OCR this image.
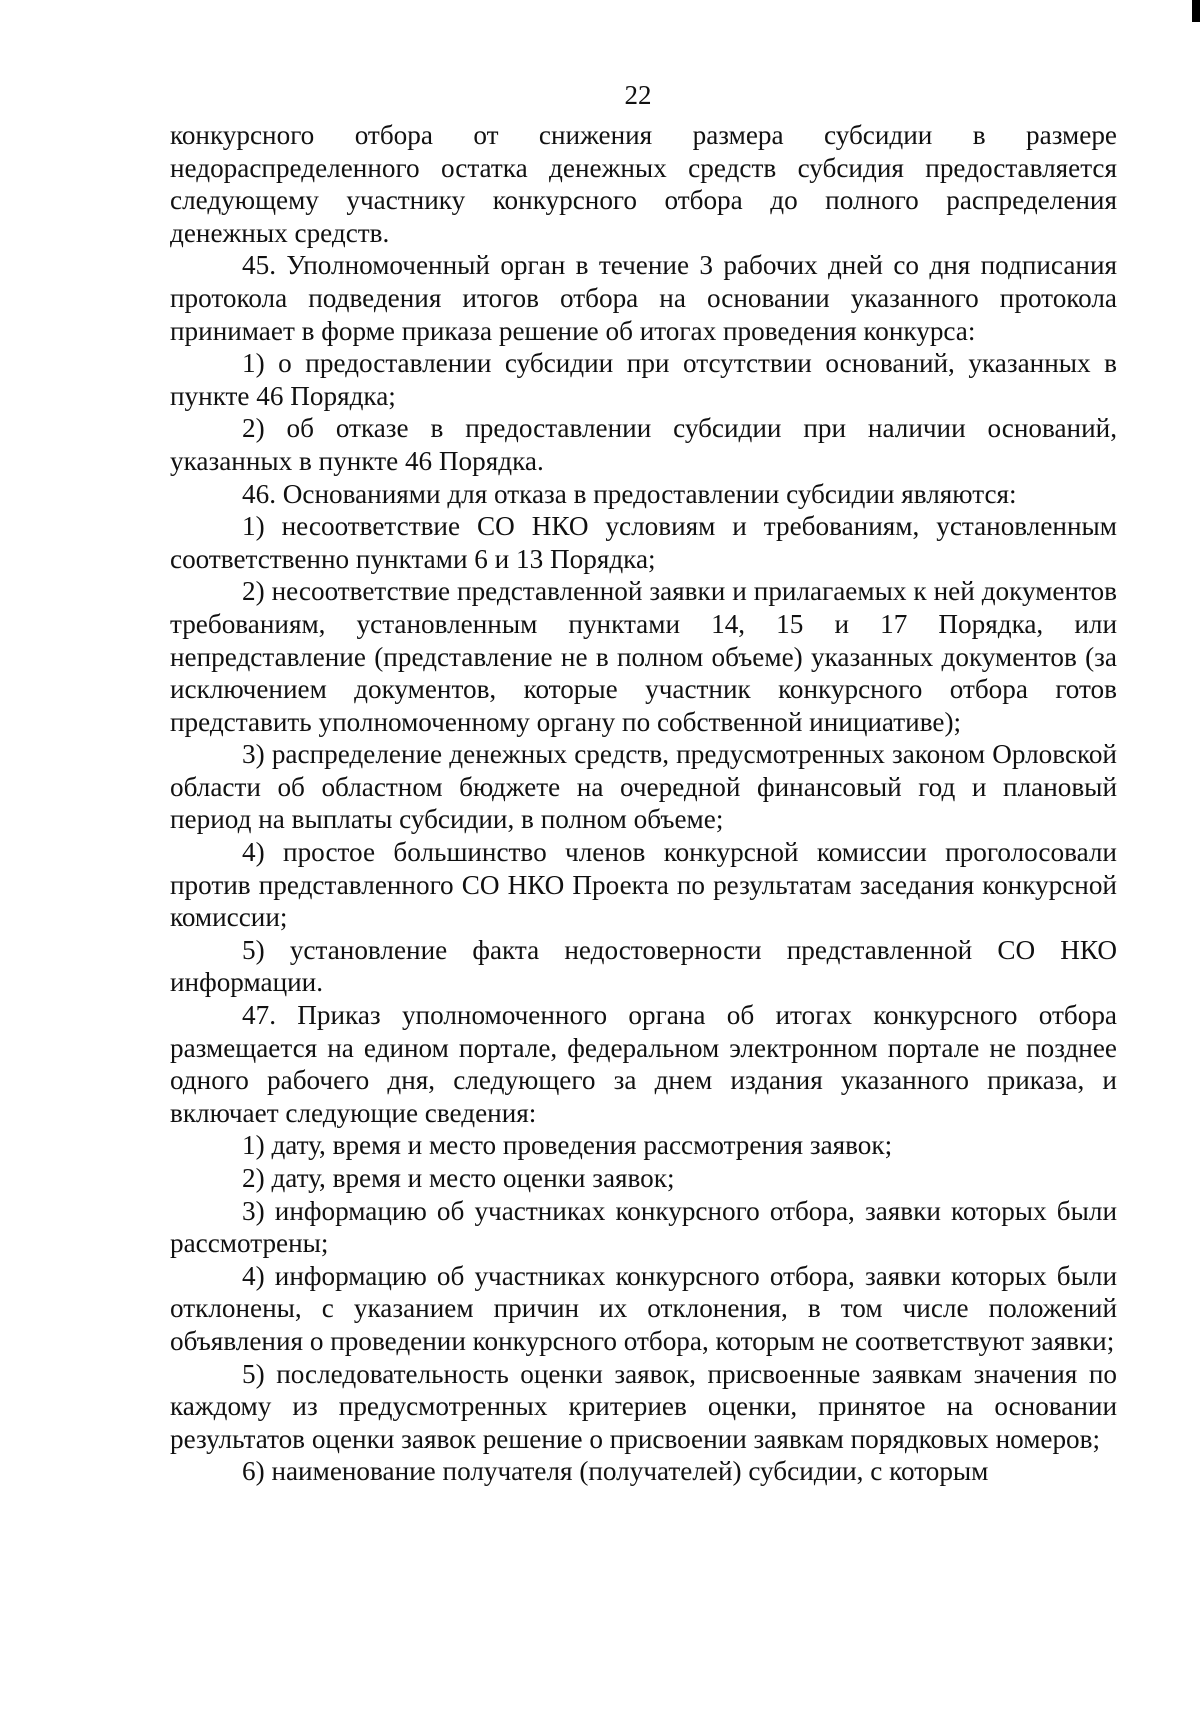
22

конкурсного отбора от снижения размера субсидии в размере недораспределенного остатка денежных средств субсидия предоставляется следующему участнику конкурсного отбора до полного распределения денежных средств.

45. Уполномоченный орган в течение 3 рабочих дней со дня подписания протокола подведения итогов отбора на основании указанного протокола принимает в форме приказа решение об итогах проведения конкурса:

1) о предоставлении субсидии при отсутствии оснований, указанных в пункте 46 Порядка;

2) об отказе в предоставлении субсидии при наличии оснований, указанных в пункте 46 Порядка.

46. Основаниями для отказа в предоставлении субсидии являются:

1) несоответствие СО НКО условиям и требованиям, установленным соответственно пунктами 6 и 13 Порядка;

2) несоответствие представленной заявки и прилагаемых к ней документов требованиям, установленным пунктами 14, 15 и 17 Порядка, или непредставление (представление не в полном объеме) указанных документов (за исключением документов, которые участник конкурсного отбора готов представить уполномоченному органу по собственной инициативе);

3) распределение денежных средств, предусмотренных законом Орловской области об областном бюджете на очередной финансовый год и плановый период на выплаты субсидии, в полном объеме;

4) простое большинство членов конкурсной комиссии проголосовали против представленного СО НКО Проекта по результатам заседания конкурсной комиссии;

5) установление факта недостоверности представленной СО НКО информации.

47. Приказ уполномоченного органа об итогах конкурсного отбора размещается на едином портале, федеральном электронном портале не позднее одного рабочего дня, следующего за днем издания указанного приказа, и включает следующие сведения:

1) дату, время и место проведения рассмотрения заявок;

2) дату, время и место оценки заявок;

3) информацию об участниках конкурсного отбора, заявки которых были рассмотрены;

4) информацию об участниках конкурсного отбора, заявки которых были отклонены, с указанием причин их отклонения, в том числе положений объявления о проведении конкурсного отбора, которым не соответствуют заявки;

5) последовательность оценки заявок, присвоенные заявкам значения по каждому из предусмотренных критериев оценки, принятое на основании результатов оценки заявок решение о присвоении заявкам порядковых номеров;

6) наименование получателя (получателей) субсидии, с которым
